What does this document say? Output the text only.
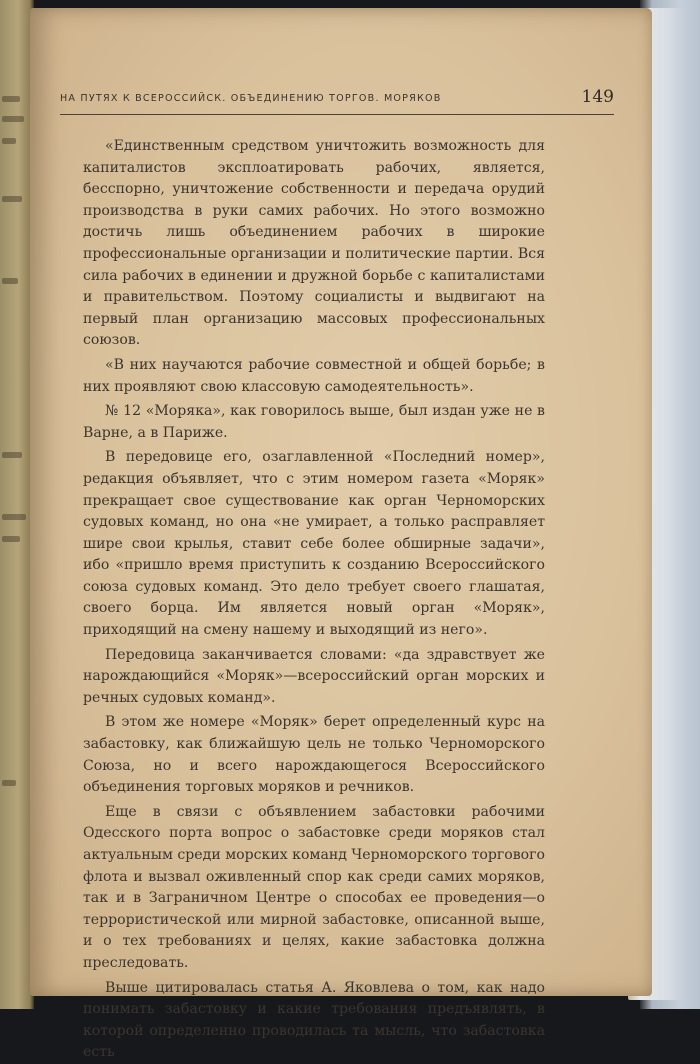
НА ПУТЯХ К ВСЕРОССИЙСК. ОБЪЕДИНЕНИЮ ТОРГОВ. МОРЯКОВ	149

«Единственным средством уничтожить возможность для капиталистов эксплоатировать рабочих, является, бесспорно, уничтожение собственности и передача орудий производства в руки самих рабочих. Но этого возможно достичь лишь объединением рабочих в широкие профессиональные организации и политические партии. Вся сила рабочих в единении и дружной борьбе с капиталистами и правительством. Поэтому социалисты и выдвигают на первый план организацию массовых профессиональных союзов.

«В них научаются рабочие совместной и общей борьбе; в них проявляют свою классовую самодеятельность».

№ 12 «Моряка», как говорилось выше, был издан уже не в Варне, а в Париже.

В передовице его, озаглавленной «Последний номер», редакция объявляет, что с этим номером газета «Моряк» прекращает свое существование как орган Черноморских судовых команд, но она «не умирает, а только распрaвляет шире свои крылья, ставит себе более обширные задачи», ибо «пришло время приступить к созданию Всероссийского союза судовых команд. Это дело требует своего глашатая, своего борца. Им является новый орган «Моряк», приходящий на смену нашему и выходящий из него».

Передовица заканчивается словами: «да здравствует же нарождающийся «Моряк»—всероссийский орган морских и речных судовых команд».

В этом же номере «Моряк» берет определенный курс на забастовку, как ближайшую цель не только Черноморского Союза, но и всего нарождающегося Всероссийского объединения торговых моряков и речников.

Еще в связи с объявлением забастовки рабочими Одесского порта вопрос о забастовке среди моряков стал актуальным среди морских команд Черноморского торгового флота и вызвал оживленный спор как среди самих моряков, так и в Заграничном Центре о способах ее проведения—о террористической или мирной забастовке, описанной выше, и о тех требованиях и целях, какие забастовка должна преследовать.

Выше цитировалась статья А. Яковлева о том, как надо понимать забастовку и какие требования предъявлять, в которой определенно проводилась та мысль, что забастовка есть
